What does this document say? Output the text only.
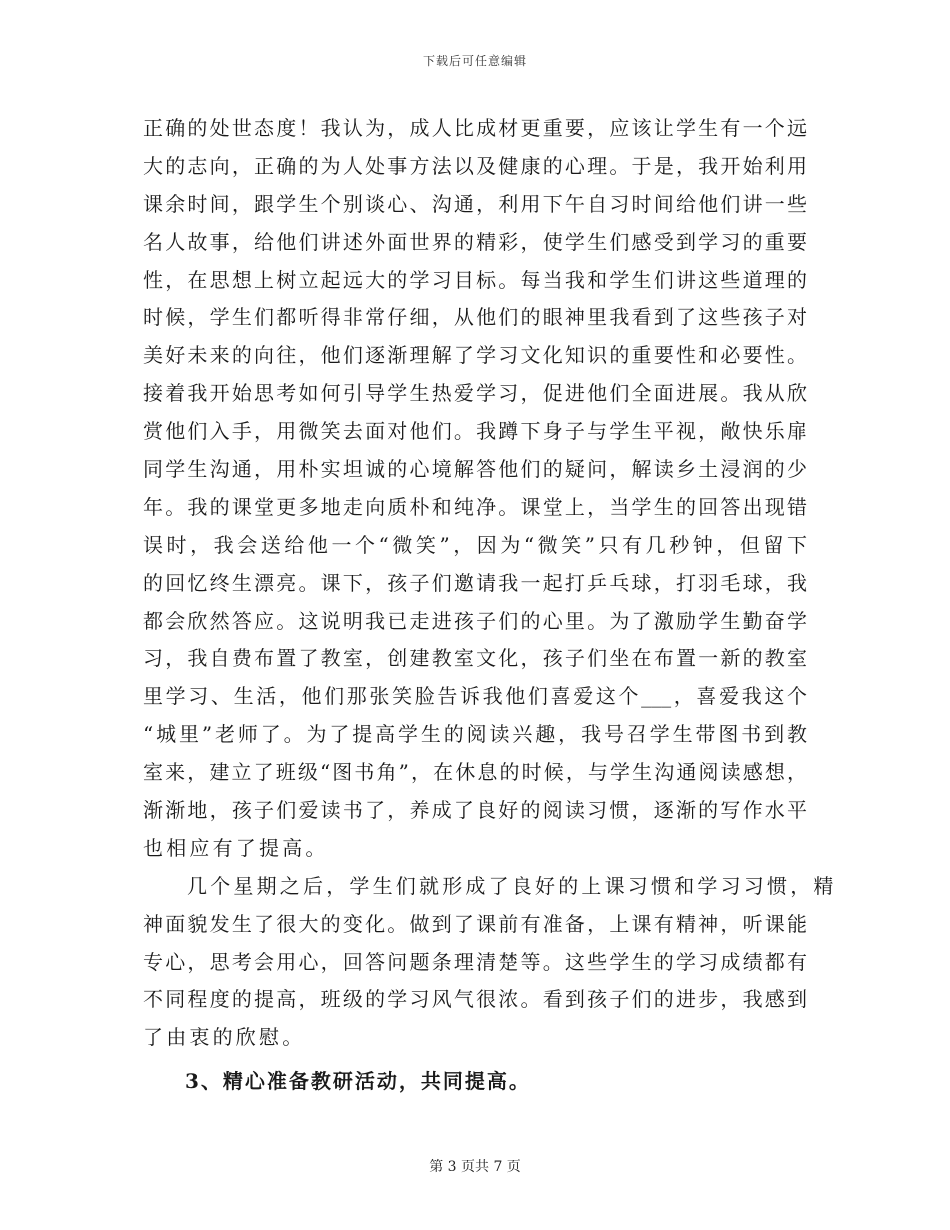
下载后可任意编辑
正确的处世态度！我认为，成人比成材更重要，应该让学生有一个远
大的志向，正确的为人处事方法以及健康的心理。于是，我开始利用
课余时间，跟学生个别谈心、沟通，利用下午自习时间给他们讲一些
名人故事，给他们讲述外面世界的精彩，使学生们感受到学习的重要
性，在思想上树立起远大的学习目标。每当我和学生们讲这些道理的
时候，学生们都听得非常仔细，从他们的眼神里我看到了这些孩子对
美好未来的向往，他们逐渐理解了学习文化知识的重要性和必要性。
接着我开始思考如何引导学生热爱学习，促进他们全面进展。我从欣
赏他们入手，用微笑去面对他们。我蹲下身子与学生平视，敞快乐扉
同学生沟通，用朴实坦诚的心境解答他们的疑问，解读乡土浸润的少
年。我的课堂更多地走向质朴和纯净。课堂上，当学生的回答出现错
误时，我会送给他一个“微笑”，因为“微笑”只有几秒钟，但留下
的回忆终生漂亮。课下，孩子们邀请我一起打乒乓球，打羽毛球，我
都会欣然答应。这说明我已走进孩子们的心里。为了激励学生勤奋学
习，我自费布置了教室，创建教室文化，孩子们坐在布置一新的教室
里学习、生活，他们那张笑脸告诉我他们喜爱这个___，喜爱我这个
“城里”老师了。为了提高学生的阅读兴趣，我号召学生带图书到教
室来，建立了班级“图书角”，在休息的时候，与学生沟通阅读感想，
渐渐地，孩子们爱读书了，养成了良好的阅读习惯，逐渐的写作水平
也相应有了提高。
几个星期之后，学生们就形成了良好的上课习惯和学习习惯，精
神面貌发生了很大的变化。做到了课前有准备，上课有精神，听课能
专心，思考会用心，回答问题条理清楚等。这些学生的学习成绩都有
不同程度的提高，班级的学习风气很浓。看到孩子们的进步，我感到
了由衷的欣慰。
3、精心准备教研活动，共同提高。
第 3 页共 7 页
